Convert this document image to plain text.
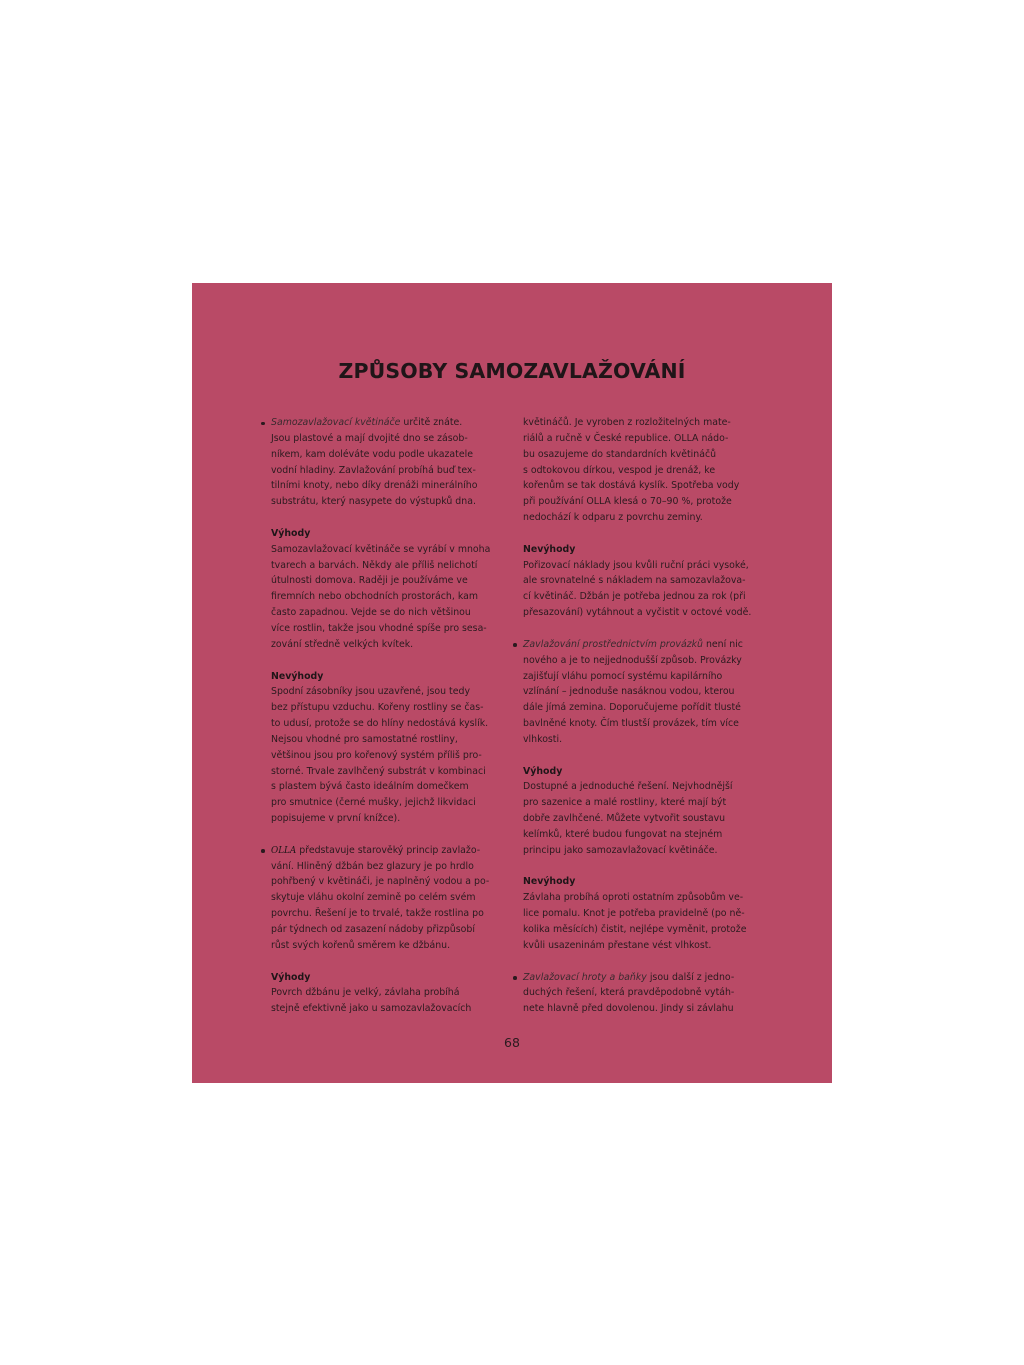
ZPŮSOBY SAMOZAVLAŽOVÁNÍ
Samozavlažovací květináče určitě znáte.
Jsou plastové a mají dvojité dno se zásob-
níkem, kam doléváte vodu podle ukazatele
vodní hladiny. Zavlažování probíhá buď tex-
tilními knoty, nebo díky drenáži minerálního
substrátu, který nasypete do výstupků dna.
Výhody
Samozavlažovací květináče se vyrábí v mnoha
tvarech a barvách. Někdy ale příliš nelichotí
útulnosti domova. Raději je používáme ve
firemních nebo obchodních prostorách, kam
často zapadnou. Vejde se do nich většinou
více rostlin, takže jsou vhodné spíše pro sesa-
zování středně velkých kvítek.
Nevýhody
Spodní zásobníky jsou uzavřené, jsou tedy
bez přístupu vzduchu. Kořeny rostliny se čas-
to udusí, protože se do hlíny nedostává kyslík.
Nejsou vhodné pro samostatné rostliny,
většinou jsou pro kořenový systém příliš pro-
storné. Trvale zavlhčený substrát v kombinaci
s plastem bývá často ideálním domečkem
pro smutnice (černé mušky, jejichž likvidaci
popisujeme v první knížce).
OLLA představuje starověký princip zavlažo-
vání. Hliněný džbán bez glazury je po hrdlo
pohřbený v květináči, je naplněný vodou a po-
skytuje vláhu okolní zemině po celém svém
povrchu. Řešení je to trvalé, takže rostlina po
pár týdnech od zasazení nádoby přizpůsobí
růst svých kořenů směrem ke džbánu.
Výhody
Povrch džbánu je velký, závlaha probíhá
stejně efektivně jako u samozavlažovacích
květináčů. Je vyroben z rozložitelných mate-
riálů a ručně v České republice. OLLA nádo-
bu osazujeme do standardních květináčů
s odtokovou dírkou, vespod je drenáž, ke
kořenům se tak dostává kyslík. Spotřeba vody
při používání OLLA klesá o 70–90 %, protože
nedochází k odparu z povrchu zeminy.
Nevýhody
Pořizovací náklady jsou kvůli ruční práci vysoké,
ale srovnatelné s nákladem na samozavlažova-
cí květináč. Džbán je potřeba jednou za rok (při
přesazování) vytáhnout a vyčistit v octové vodě.
Zavlažování prostřednictvím provázků není nic
nového a je to nejjednodušší způsob. Provázky
zajišťují vláhu pomocí systému kapilárního
vzlínání – jednoduše nasáknou vodou, kterou
dále jímá zemina. Doporučujeme pořídit tlusté
bavlněné knoty. Čím tlustší provázek, tím více
vlhkosti.
Výhody
Dostupné a jednoduché řešení. Nejvhodnější
pro sazenice a malé rostliny, které mají být
dobře zavlhčené. Můžete vytvořit soustavu
kelímků, které budou fungovat na stejném
principu jako samozavlažovací květináče.
Nevýhody
Závlaha probíhá oproti ostatním způsobům ve-
lice pomalu. Knot je potřeba pravidelně (po ně-
kolika měsících) čistit, nejlépe vyměnit, protože
kvůli usazeninám přestane vést vlhkost.
Zavlažovací hroty a baňky jsou další z jedno-
duchých řešení, která pravděpodobně vytáh-
nete hlavně před dovolenou. Jindy si závlahu
68
